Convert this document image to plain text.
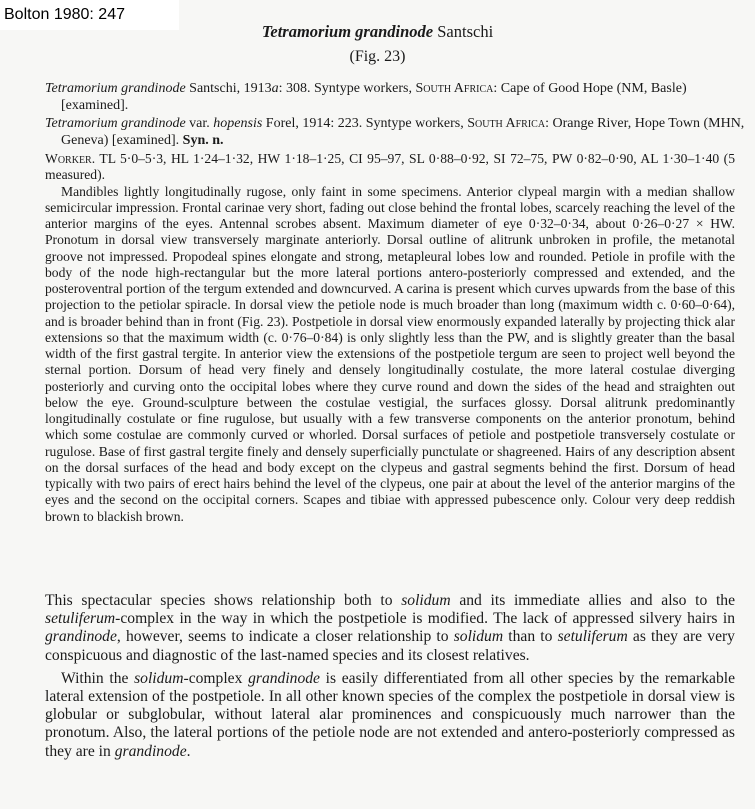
Bolton 1980: 247
Tetramorium grandinode Santschi
(Fig. 23)
Tetramorium grandinode Santschi, 1913a: 308. Syntype workers, South Africa: Cape of Good Hope (NM, Basle) [examined].
Tetramorium grandinode var. hopensis Forel, 1914: 223. Syntype workers, South Africa: Orange River, Hope Town (MHN, Geneva) [examined]. Syn. n.

Worker. TL 5·0–5·3, HL 1·24–1·32, HW 1·18–1·25, CI 95–97, SL 0·88–0·92, SI 72–75, PW 0·82–0·90, AL 1·30–1·40 (5 measured).

Mandibles lightly longitudinally rugose, only faint in some specimens. Anterior clypeal margin with a median shallow semicircular impression. Frontal carinae very short, fading out close behind the frontal lobes, scarcely reaching the level of the anterior margins of the eyes. Antennal scrobes absent. Maximum diameter of eye 0·32–0·34, about 0·26–0·27 × HW. Pronotum in dorsal view transversely marginate anteriorly. Dorsal outline of alitrunk unbroken in profile, the metanotal groove not impressed. Propodeal spines elongate and strong, metapleural lobes low and rounded. Petiole in profile with the body of the node high-rectangular but the more lateral portions antero-posteriorly compressed and extended, and the posteroventral portion of the tergum extended and downcurved. A carina is present which curves upwards from the base of this projection to the petiolar spiracle. In dorsal view the petiole node is much broader than long (maximum width c. 0·60–0·64), and is broader behind than in front (Fig. 23). Postpetiole in dorsal view enormously expanded laterally by projecting thick alar extensions so that the maximum width (c. 0·76–0·84) is only slightly less than the PW, and is slightly greater than the basal width of the first gastral tergite. In anterior view the extensions of the postpetiole tergum are seen to project well beyond the sternal portion. Dorsum of head very finely and densely longitudinally costulate, the more lateral costulae diverging posteriorly and curving onto the occipital lobes where they curve round and down the sides of the head and straighten out below the eye. Ground-sculpture between the costulae vestigial, the surfaces glossy. Dorsal alitrunk predominantly longitudinally costulate or fine rugulose, but usually with a few transverse components on the anterior pronotum, behind which some costulae are commonly curved or whorled. Dorsal surfaces of petiole and postpetiole transversely costulate or rugulose. Base of first gastral tergite finely and densely superficially punctulate or shagreened. Hairs of any description absent on the dorsal surfaces of the head and body except on the clypeus and gastral segments behind the first. Dorsum of head typically with two pairs of erect hairs behind the level of the clypeus, one pair at about the level of the anterior margins of the eyes and the second on the occipital corners. Scapes and tibiae with appressed pubescence only. Colour very deep reddish brown to blackish brown.

This spectacular species shows relationship both to solidum and its immediate allies and also to the setuliferum-complex in the way in which the postpetiole is modified. The lack of appressed silvery hairs in grandinode, however, seems to indicate a closer relationship to solidum than to setuliferum as they are very conspicuous and diagnostic of the last-named species and its closest relatives.

Within the solidum-complex grandinode is easily differentiated from all other species by the remarkable lateral extension of the postpetiole. In all other known species of the complex the postpetiole in dorsal view is globular or subglobular, without lateral alar prominences and conspicuously much narrower than the pronotum. Also, the lateral portions of the petiole node are not extended and antero-posteriorly compressed as they are in grandinode.
